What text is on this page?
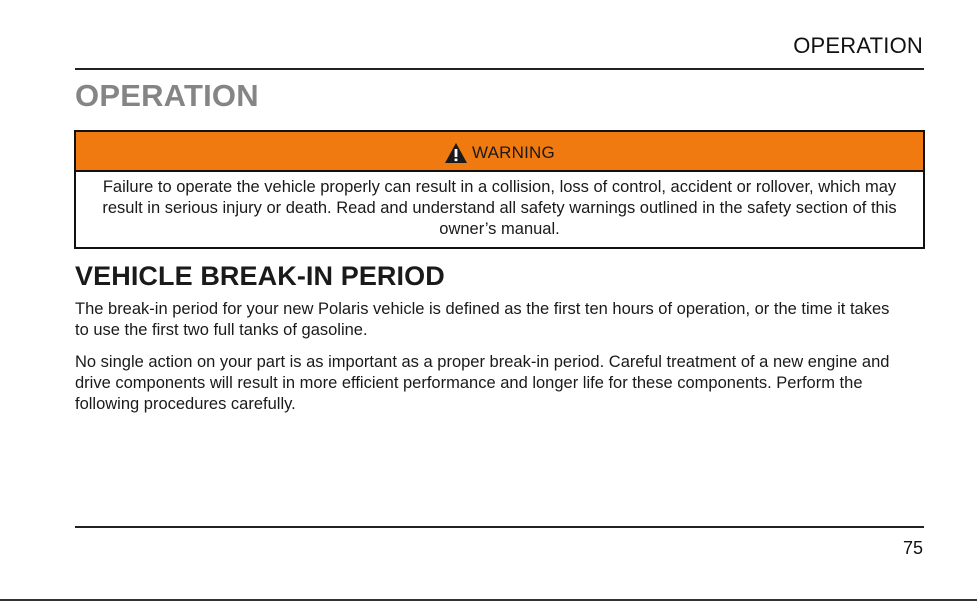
OPERATION
OPERATION
WARNING
Failure to operate the vehicle properly can result in a collision, loss of control, accident or rollover, which may result in serious injury or death. Read and understand all safety warnings outlined in the safety section of this owner’s manual.
VEHICLE BREAK-IN PERIOD
The break-in period for your new Polaris vehicle is defined as the first ten hours of operation, or the time it takes to use the first two full tanks of gasoline.
No single action on your part is as important as a proper break-in period. Careful treatment of a new engine and drive components will result in more efficient performance and longer life for these components. Perform the following procedures carefully.
75
